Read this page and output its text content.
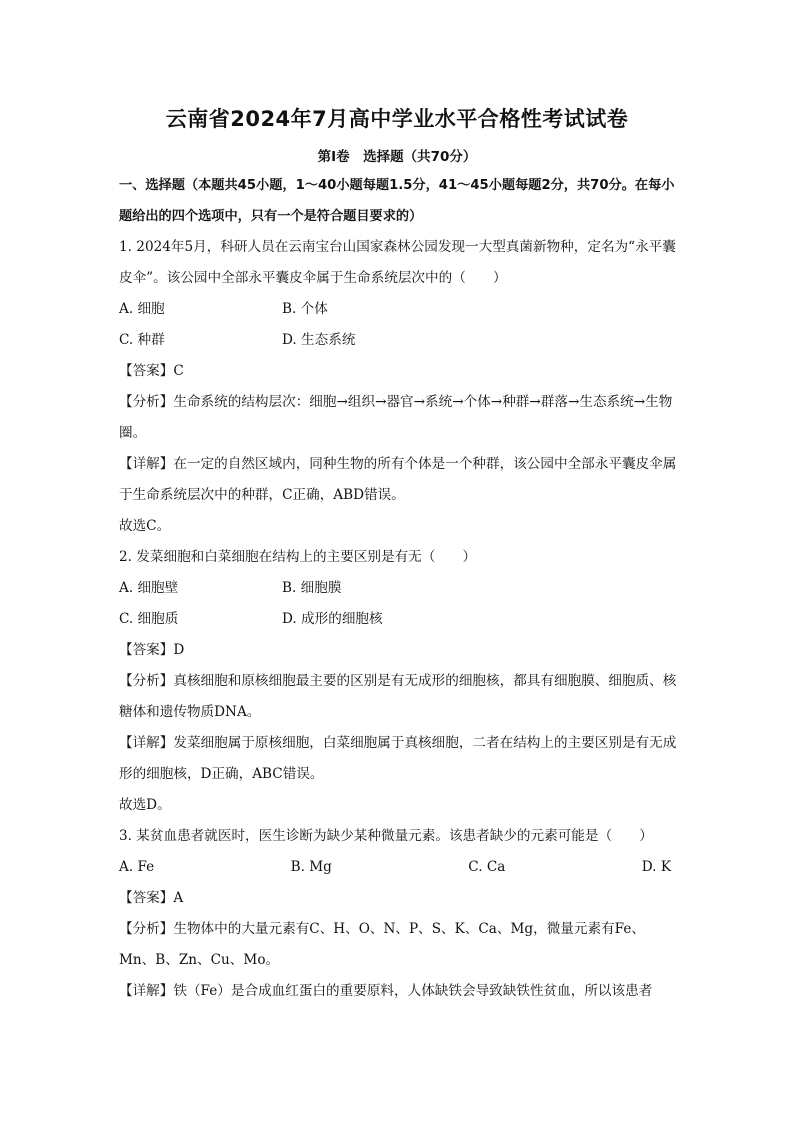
云南省2024年7月高中学业水平合格性考试试卷
第Ⅰ卷　选择题（共70分）

一、选择题（本题共45小题，1～40小题每题1.5分，41～45小题每题2分，共70分。在每小题给出的四个选项中，只有一个是符合题目要求的）

1. 2024年5月，科研人员在云南宝台山国家森林公园发现一大型真菌新物种，定名为“永平囊皮伞”。该公园中全部永平囊皮伞属于生命系统层次中的（　　）

A. 细胞	B. 个体
C. 种群	D. 生态系统

【答案】C

【分析】生命系统的结构层次：细胞→组织→器官→系统→个体→种群→群落→生态系统→生物圈。

【详解】在一定的自然区域内，同种生物的所有个体是一个种群，该公园中全部永平囊皮伞属于生命系统层次中的种群，C正确，ABD错误。

故选C。

2. 发菜细胞和白菜细胞在结构上的主要区别是有无（　　）

A. 细胞壁	B. 细胞膜
C. 细胞质	D. 成形的细胞核

【答案】D

【分析】真核细胞和原核细胞最主要的区别是有无成形的细胞核，都具有细胞膜、细胞质、核糖体和遗传物质DNA。

【详解】发菜细胞属于原核细胞，白菜细胞属于真核细胞，二者在结构上的主要区别是有无成形的细胞核，D正确，ABC错误。

故选D。

3. 某贫血患者就医时，医生诊断为缺少某种微量元素。该患者缺少的元素可能是（　　）

A. Fe	B. Mg	C. Ca	D. K

【答案】A

【分析】生物体中的大量元素有C、H、O、N、P、S、K、Ca、Mg，微量元素有Fe、Mn、B、Zn、Cu、Mo。

【详解】铁（Fe）是合成血红蛋白的重要原料，人体缺铁会导致缺铁性贫血，所以该患者
